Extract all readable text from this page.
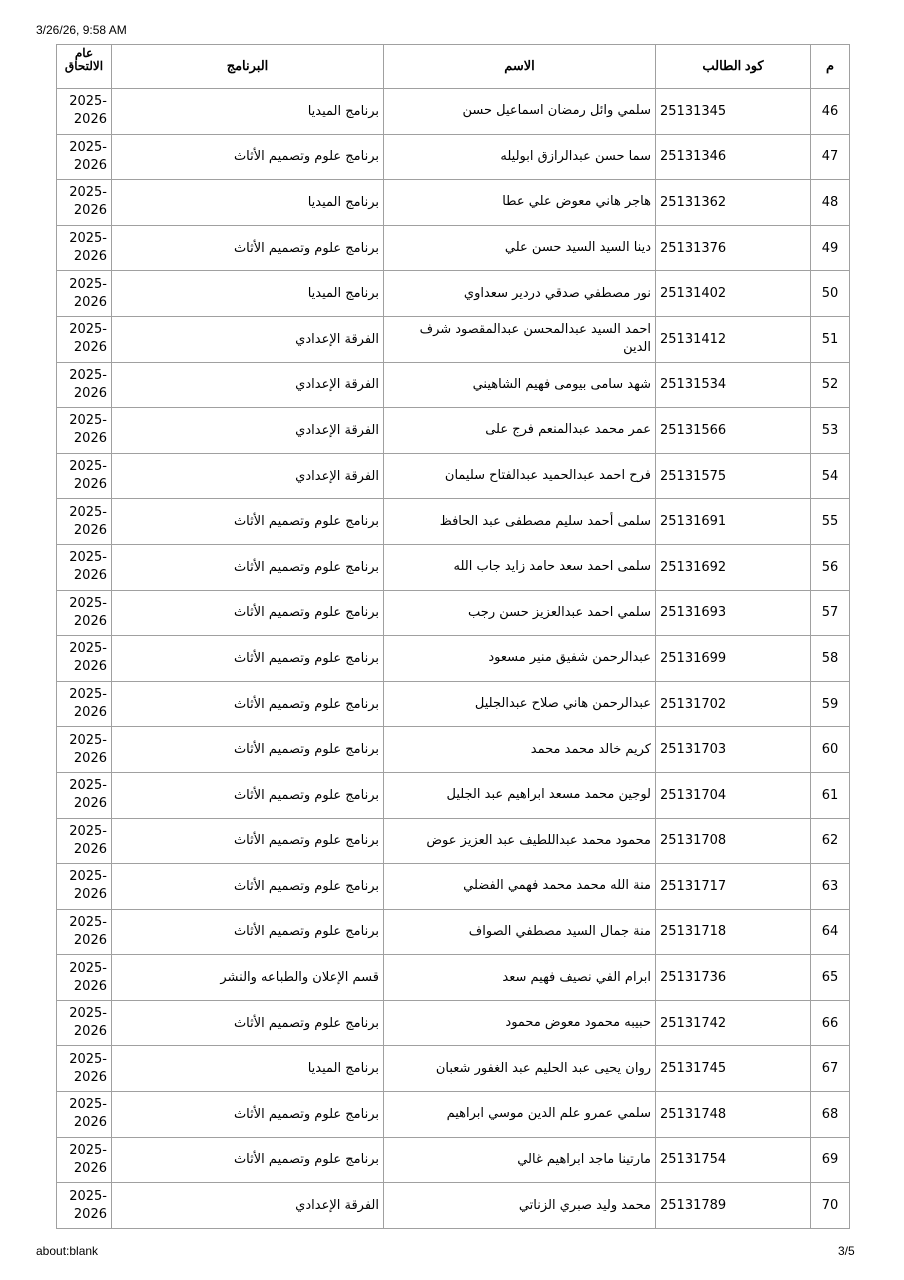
3/26/26, 9:58 AM
م	كود الطالب	الاسم	البرنامج	عام الالتحاق
46	25131345	سلمي وائل رمضان اسماعيل حسن	برنامج الميديا	2025-2026
47	25131346	سما حسن عبدالرازق ابوليله	برنامج علوم وتصميم الأثاث	2025-2026
48	25131362	هاجر هاني معوض علي عطا	برنامج الميديا	2025-2026
49	25131376	دينا السيد السيد حسن علي	برنامج علوم وتصميم الأثاث	2025-2026
50	25131402	نور مصطفي صدقي دردير سعداوي	برنامج الميديا	2025-2026
51	25131412	احمد السيد عبدالمحسن عبدالمقصود شرف الدين	الفرقة الإعدادي	2025-2026
52	25131534	شهد سامى بيومى فهيم الشاهيني	الفرقة الإعدادي	2025-2026
53	25131566	عمر محمد عبدالمنعم فرج على	الفرقة الإعدادي	2025-2026
54	25131575	فرح احمد عبدالحميد عبدالفتاح سليمان	الفرقة الإعدادي	2025-2026
55	25131691	سلمى أحمد سليم مصطفى عبد الحافظ	برنامج علوم وتصميم الأثاث	2025-2026
56	25131692	سلمى احمد سعد حامد زايد جاب الله	برنامج علوم وتصميم الأثاث	2025-2026
57	25131693	سلمي احمد عبدالعزيز حسن رجب	برنامج علوم وتصميم الأثاث	2025-2026
58	25131699	عبدالرحمن شفيق منير مسعود	برنامج علوم وتصميم الأثاث	2025-2026
59	25131702	عبدالرحمن هاني صلاح عبدالجليل	برنامج علوم وتصميم الأثاث	2025-2026
60	25131703	كريم خالد محمد محمد	برنامج علوم وتصميم الأثاث	2025-2026
61	25131704	لوجين محمد مسعد ابراهيم عبد الجليل	برنامج علوم وتصميم الأثاث	2025-2026
62	25131708	محمود محمد عبداللطيف عبد العزيز عوض	برنامج علوم وتصميم الأثاث	2025-2026
63	25131717	منة الله محمد محمد فهمي الفضلي	برنامج علوم وتصميم الأثاث	2025-2026
64	25131718	منة جمال السيد مصطفي الصواف	برنامج علوم وتصميم الأثاث	2025-2026
65	25131736	ابرام الفي نصيف فهيم سعد	قسم الإعلان والطباعه والنشر	2025-2026
66	25131742	حبيبه محمود معوض محمود	برنامج علوم وتصميم الأثاث	2025-2026
67	25131745	روان يحيى عبد الحليم عبد الغفور شعبان	برنامج الميديا	2025-2026
68	25131748	سلمي عمرو علم الدين موسي ابراهيم	برنامج علوم وتصميم الأثاث	2025-2026
69	25131754	مارتينا ماجد ابراهيم غالي	برنامج علوم وتصميم الأثاث	2025-2026
70	25131789	محمد وليد صبري الزناتي	الفرقة الإعدادي	2025-2026
about:blank	3/5
